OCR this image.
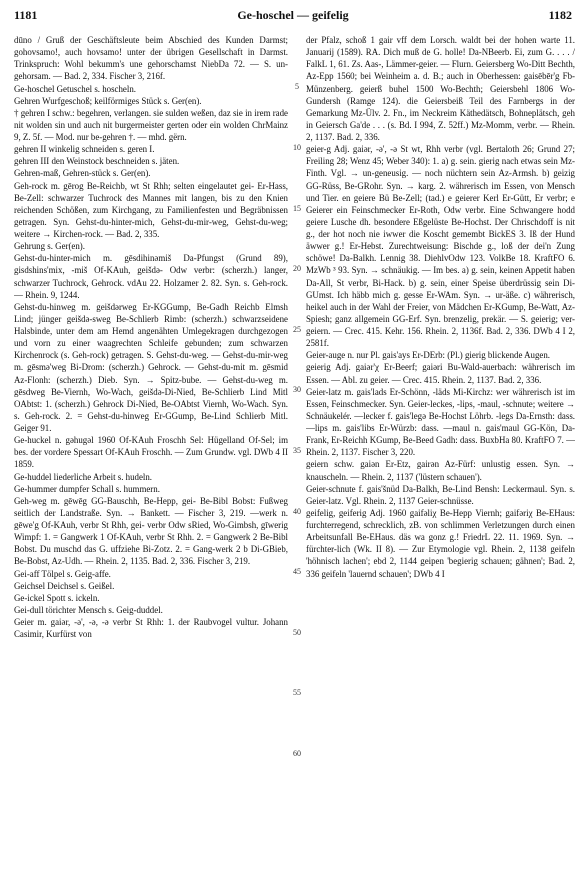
1181	Ge-hoschel — geifelig	1182

dūno / Gruß der Geschäftsleute beim Abschied des Kunden Darmst; gohovsamo!, auch hovsamo! unter der übrigen Gesellschaft in Darmst. Trinkspruch: Wohl bekumm's une gehorschamst NiebDa 72. — S. un-gehorsam. — Bad. 2, 334. Fischer 3, 216f.

Ge-hoschel Getuschel s. hoscheln.

Gehren Wurfgeschoß; keilförmiges Stück s. Ger(en).

† gehren I schw.: begehren, verlangen. sie sulden weßen, daz sie in irem rade nit wolden sin und auch nit burgermeister gerten oder ein wolden ChrMainz 9, Z. 5f. — Mod. nur be-gehren †. — mhd. gërn.

gehren II winkelig schneiden s. geren I.

gehren III den Weinstock beschneiden s. jäten.

Gehren-maß, Gehren-stück s. Ger(en).

Geh-rock m. gērog Be-Reichb, wt St Rhh; selten eingelautet gei- Er-Hass, Be-Zell: schwarzer Tuchrock des Mannes mit langen, bis zu den Knien reichenden Schößen, zum Kirchgang, zu Familienfesten und Begräbnissen getragen. Syn. Gehst-du-hinter-mich, Gehst-du-mir-weg, Gehst-du-weg; weitere → Kirchen-rock. — Bad. 2, 335.

Gehrung s. Ger(en).

Gehst-du-hinter-mich m. gēsdihinəmiš Da-Pfungst (Grund 89), gisdshins'mix, -miš Of-KAuh, geišdə- Odw verbr: (scherzh.) langer, schwarzer Tuchrock, Gehrock. vdAu 22. Holzamer 2. 82. Syn. s. Geh-rock. — Rhein. 9, 1244.

Gehst-du-hinweg m. geišdərweg Er-KGGump, Be-Gadh Reichb Elmsh Lind; jünger geišdə-sweg Be-Schlierb Rimb: (scherzh.) schwarzseidene Halsbinde, unter dem am Hemd angenähten Umlegekragen durchgezogen und vorn zu einer waagrechten Schleife gebunden; zum schwarzen Kirchenrock (s. Geh-rock) getragen. S. Gehst-du-weg. — Gehst-du-mir-weg m. gēsmə'weg Bi-Drom: (scherzh.) Gehrock. — Gehst-du-mit m. gēsmid Az-Flonh: (scherzh.) Dieb. Syn. → Spitz-bube. — Gehst-du-weg m. gēsdweg Be-Viernh, Wo-Wach, geišdə-Di-Nied, Be-Schlierb Lind Mitl OAbtst: 1. (scherzh.) Gehrock Di-Nied, Be-OAbtst Viernh, Wo-Wach. Syn. s. Geh-rock. 2. = Gehst-du-hinweg Er-GGump, Be-Lind Schlierb Mitl. Geiger 91.

Ge-huckel n. gəhugəl 1960 Of-KAuh Froschh Sel: Hügelland Of-Sel; im bes. der vordere Spessart Of-KAuh Froschh. — Zum Grundw. vgl. DWb 4 II 1859.

Ge-huddel liederliche Arbeit s. hudeln.

Ge-hummer dumpfer Schall s. hummern.

Geh-weg m. gēwēg GG-Bauschh, Be-Hepp, gei- Be-Bibl Bobst: Fußweg seitlich der Landstraße. Syn. → Bankett. — Fischer 3, 219. —werk n. gēwe'g Of-KAuh, verbr St Rhh, gei- verbr Odw sRied, Wo-Gimbsh, gīwerig Wimpf: 1. = Gangwerk 1 Of-KAuh, verbr St Rhh. 2. = Gangwerk 2 Be-Bibl Bobst. Du muschd das G. uffziehe Bi-Zotz. 2. = Gang-werk 2 b Di-GBieb, Be-Bobst, Az-Udh. — Rhein. 2, 1135. Bad. 2, 336. Fischer 3, 219.

Gei-aff Tölpel s. Geig-affe.

Geichsel Deichsel s. Geißel.

Ge-ickel Spott s. ickeln.

Gei-dull törichter Mensch s. Geig-duddel.

Geier m. gaiər, -ə', -ə, -ə verbr St Rhh: 1. der Raubvogel vultur. Johann Casimir, Kurfürst von

5
10
15
20
25
30
35
40
45
50
55
60

der Pfalz, schoß 1 gair vff dem Lorsch. waldt bei der hohen warte 11. Januarij (1589). RA. Dich muß de G. holle! Da-NBeerb. Ei, zum G. . . . / FalkL 1, 61. Zs. Aas-, Lämmer-geier. — Flurn. Geiersberg Wo-Ditt Bechth, Az-Epp 1560; bei Weinheim a. d. B.; auch in Oberhessen: gaisēbēr'g Fb-Münzenberg. geierß buhel 1500 Wo-Bechth; Geiersbehl 1806 Wo-Gundersh (Ramge 124). die Geiersbeiß Teil des Farnbergs in der Gemarkung Mz-Ülv. 2. Fn., im Neckreim Käthedätsch, Bohneplätsch, geh in Geiersch Ga'de . . . (s. Bd. I 994, Z. 52ff.) Mz-Momm, verbr. — Rhein. 2, 1137. Bad. 2, 336.

geier-g Adj. gaiər, -ə', -ə St wt, Rhh verbr (vgl. Bertaloth 26; Grund 27; Freiling 28; Wenz 45; Weber 340): 1. a) g. sein. gierig nach etwas sein Mz-Finth. Vgl. → un-geneusig. — noch nüchtern sein Az-Armsh. b) geizig GG-Rüss, Be-GRohr. Syn. → karg. 2. währerisch im Essen, von Mensch und Tier. en geiere Bü Be-Zell; (tad.) e geierer Kerl Er-Gütt, Er verbr; e Geierer ein Feinschmecker Er-Roth, Odw verbr. Eine Schwangere hodd geiere Lusche dh. besondere Eßgelüste Be-Hochst. Der Chrischdoff is nit g., der hot noch nie iwwer die Koscht gemembt BickES 3. Iß der Hund äwwer g.! Er-Hebst. Zurechtweisung: Bischde g., loß der dei'n Zung schöwe! Da-Balkh. Lennig 38. DiehlvOdw 123. VolkBe 18. KraftFO 6. MzWb ³ 93. Syn. → schnäukig. — Im bes. a) g. sein, keinen Appetit haben Da-All, St verbr, Bi-Hack. b) g. sein, einer Speise überdrüssig sein Di-GUmst. Ich häbb mich g. gesse Er-WAm. Syn. → ur-äße. c) währerisch, heikel auch in der Wahl der Freier, von Mädchen Er-KGump, Be-Watt, Az-Spiesh; ganz allgemein GG-Erf. Syn. brenzelig, prekär. — S. geierig; ver-geiern. — Crec. 415. Kehr. 156. Rhein. 2, 1136f. Bad. 2, 336. DWb 4 I 2, 2581f.

Geier-auge n. nur Pl. gais'ays Er-DErb: (Pl.) gierig blickende Augen.

geierig Adj. gaiər'χ Er-Beerf; gaiəri Bu-Wald-auerbach: währerisch im Essen. — Abl. zu geier. — Crec. 415. Rhein. 2, 1137. Bad. 2, 336.

Geier-latz m. gais'lads Er-Schönn, -läds Mi-Kirchz: wer währerisch ist im Essen, Feinschmecker. Syn. Geier-leckes, -lips, -maul, -schnute; weitere → Schnäukelér. —lecker f. gais'legə Be-Hochst Löhrb. -legs Da-Ernsth: dass. —lips m. gais'libs Er-Würzb: dass. —maul n. gais'maul GG-Kön, Da-Frank, Er-Reichh KGump, Be-Beed Gadh: dass. BuxbHa 80. KraftFO 7. — Rhein. 2, 1137. Fischer 3, 220.

geiern schw. gaiən Er-Etz, gairən Az-Fürf: unlustig essen. Syn. → knauscheln. — Rhein. 2, 1137 ('lüstern schauen').

Geier-schnute f. gais'šnüd Da-Balkh, Be-Lind Bensh: Leckermaul. Syn. s. Geier-latz. Vgl. Rhein. 2, 1137 Geier-schnüsse.

geifelig, geiferig Adj. 1960 gaifəliχ Be-Hepp Viernh; gaifəriχ Be-EHaus: furchterregend, schrecklich, zB. von schlimmen Verletzungen durch einen Arbeitsunfall Be-EHaus. däs wa gonz g.! FriedrL 22. 11. 1969. Syn. → fürchter-lich (Wk. II 8). — Zur Etymologie vgl. Rhein. 2, 1138 geifeln 'höhnisch lachen'; ebd 2, 1144 geipen 'begierig schauen; gähnen'; Bad. 2, 336 geifeln 'lauernd schauen'; DWb 4 I
